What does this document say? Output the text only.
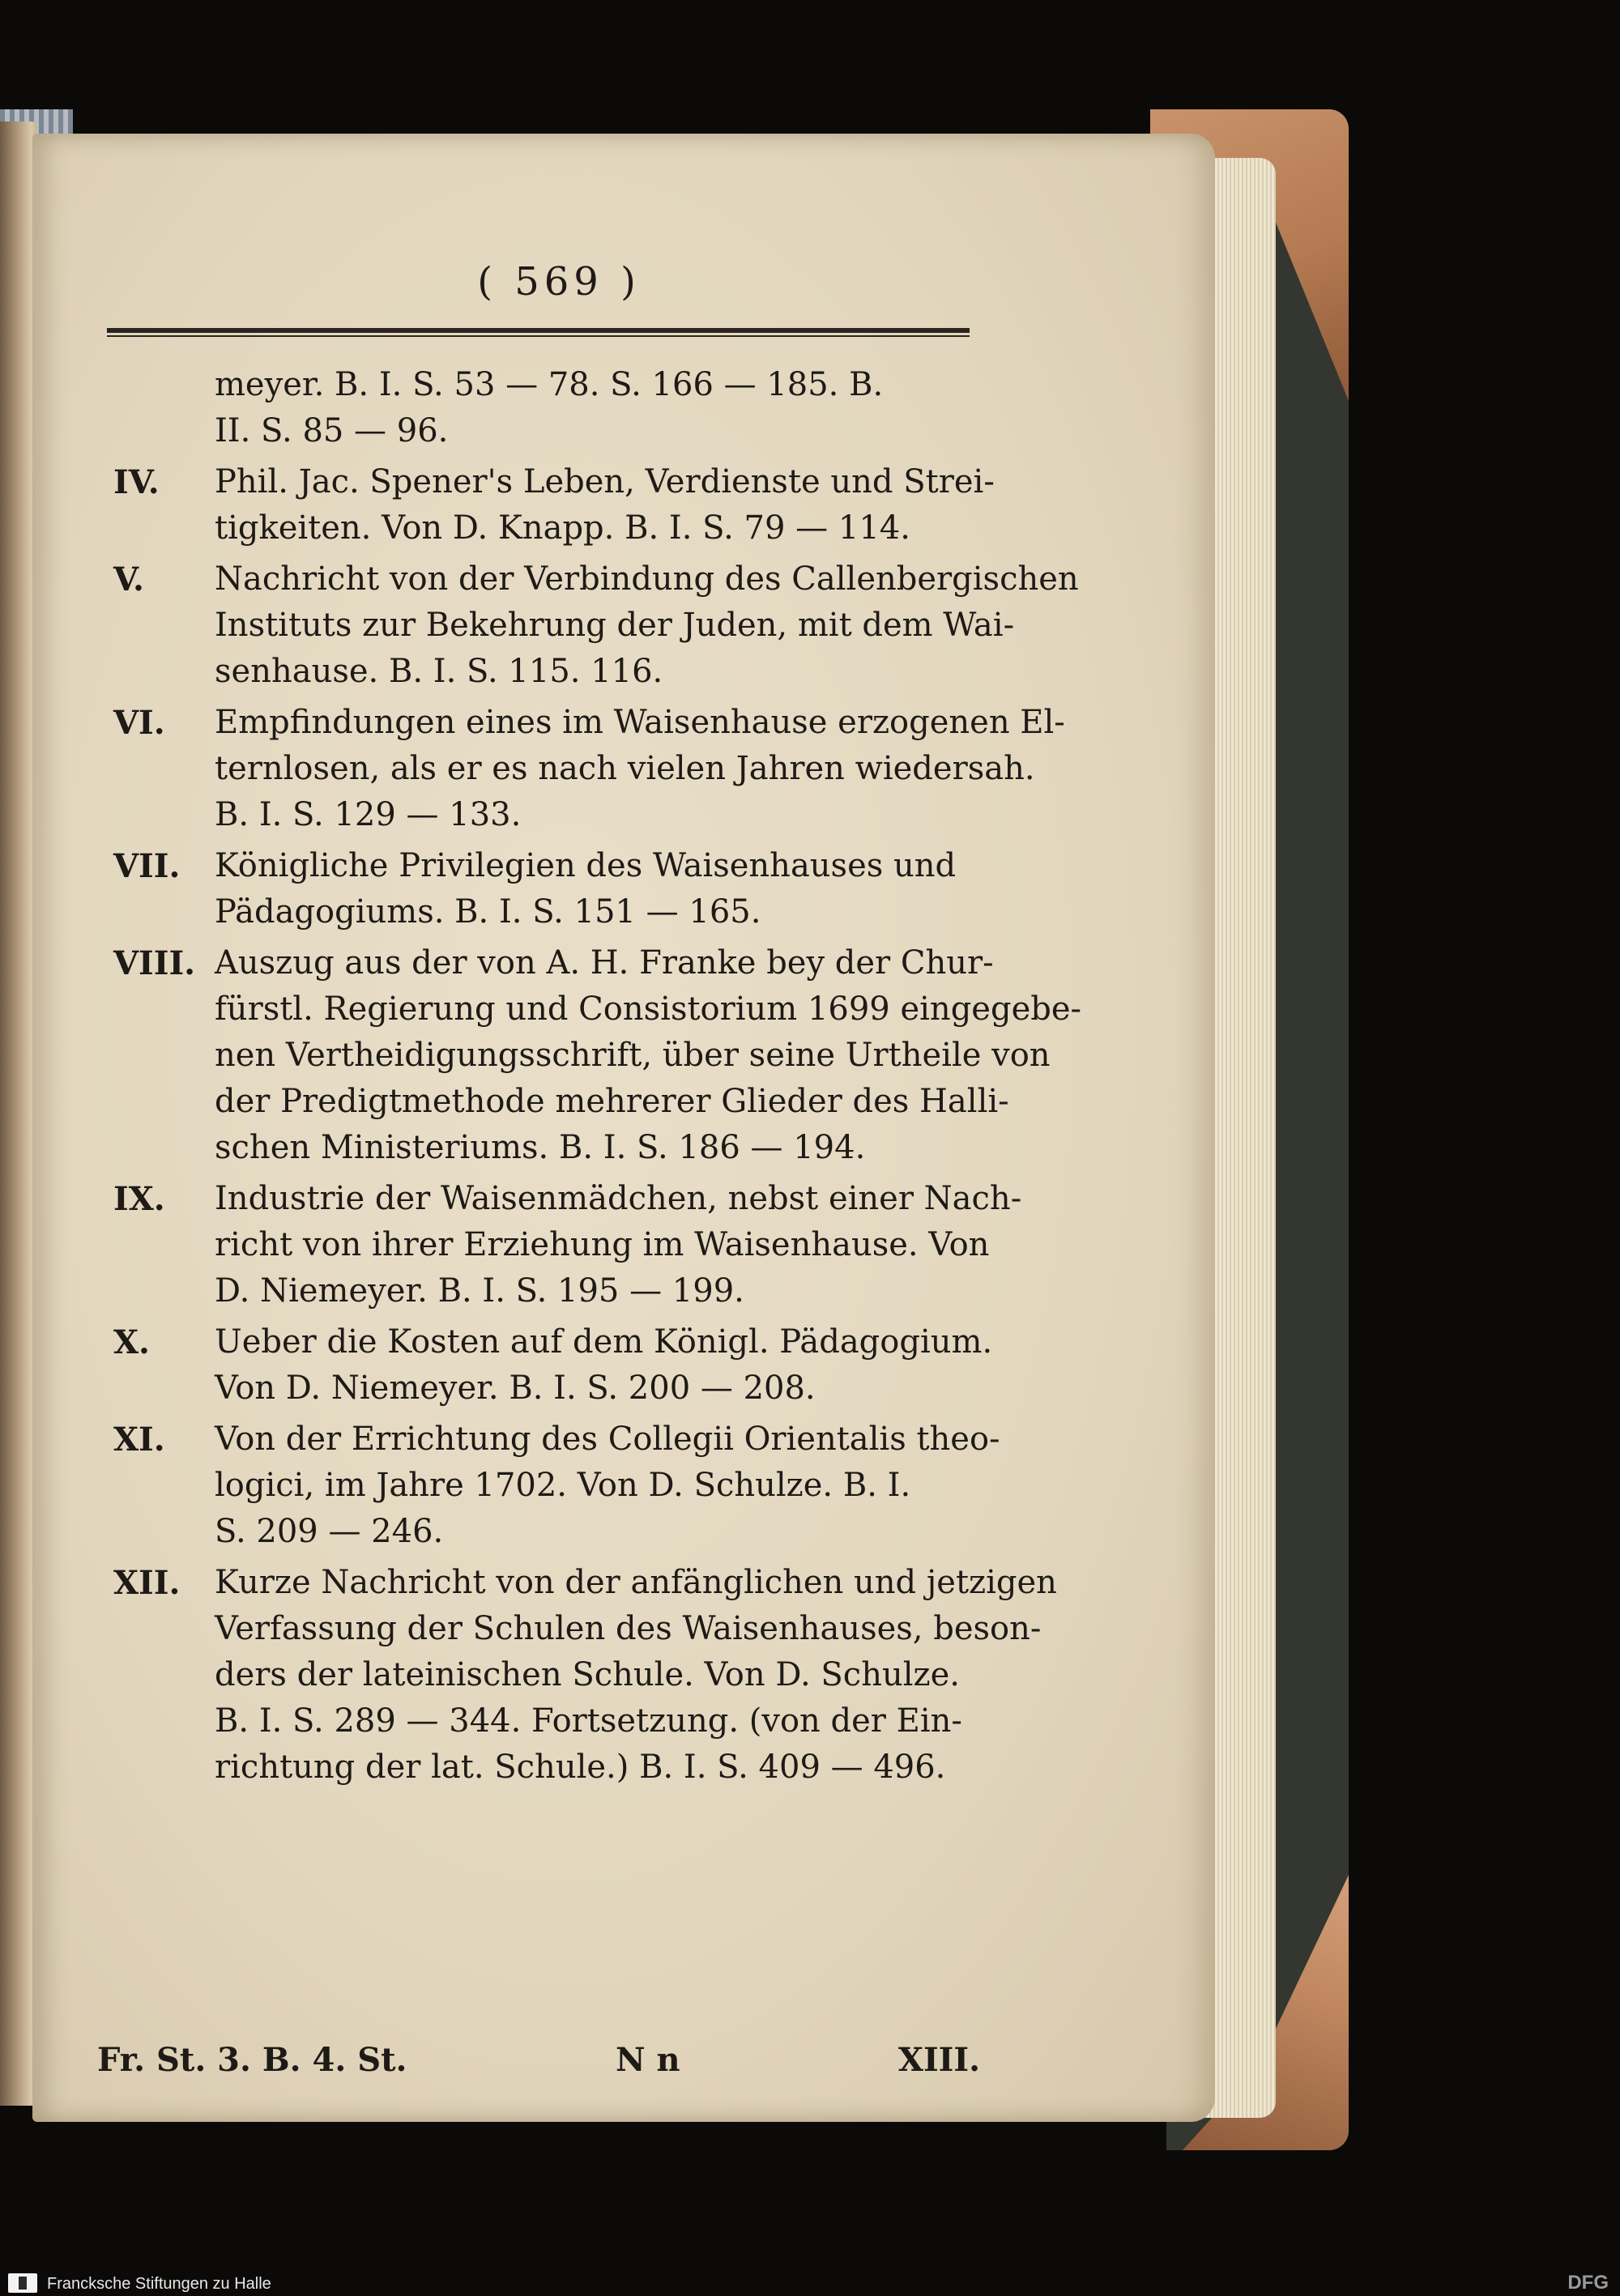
( 569 )
meyer. B. I. S. 53 — 78. S. 166 — 185. B.
II. S. 85 — 96.
IV.	Phil. Jac. Spener's Leben, Verdienste und Strei-
tigkeiten. Von D. Knapp. B. I. S. 79 — 114.
V.	Nachricht von der Verbindung des Callenbergischen
Instituts zur Bekehrung der Juden, mit dem Wai-
senhause. B. I. S. 115. 116.
VI.	Empfindungen eines im Waisenhause erzogenen El-
ternlosen, als er es nach vielen Jahren wiedersah.
B. I. S. 129 — 133.
VII.	Königliche Privilegien des Waisenhauses und
Pädagogiums. B. I. S. 151 — 165.
VIII. Auszug aus der von A. H. Franke bey der Chur-
fürstl. Regierung und Consistorium 1699 eingegebe-
nen Vertheidigungsschrift, über seine Urtheile von
der Predigtmethode mehrerer Glieder des Halli-
schen Ministeriums. B. I. S. 186 — 194.
IX.	Industrie der Waisenmädchen, nebst einer Nach-
richt von ihrer Erziehung im Waisenhause. Von
D. Niemeyer. B. I. S. 195 — 199.
X.	Ueber die Kosten auf dem Königl. Pädagogium.
Von D. Niemeyer. B. I. S. 200 — 208.
XI.	Von der Errichtung des Collegii Orientalis theo-
logici, im Jahre 1702. Von D. Schulze. B. I.
S. 209 — 246.
XII.	Kurze Nachricht von der anfänglichen und jetzigen
Verfassung der Schulen des Waisenhauses, beson-
ders der lateinischen Schule. Von D. Schulze.
B. I. S. 289 — 344. Fortsetzung. (von der Ein-
richtung der lat. Schule.) B. I. S. 409 — 496.
Fr. St. 3. B. 4. St.	N n	XIII.
Francksche Stiftungen zu Halle	DFG
